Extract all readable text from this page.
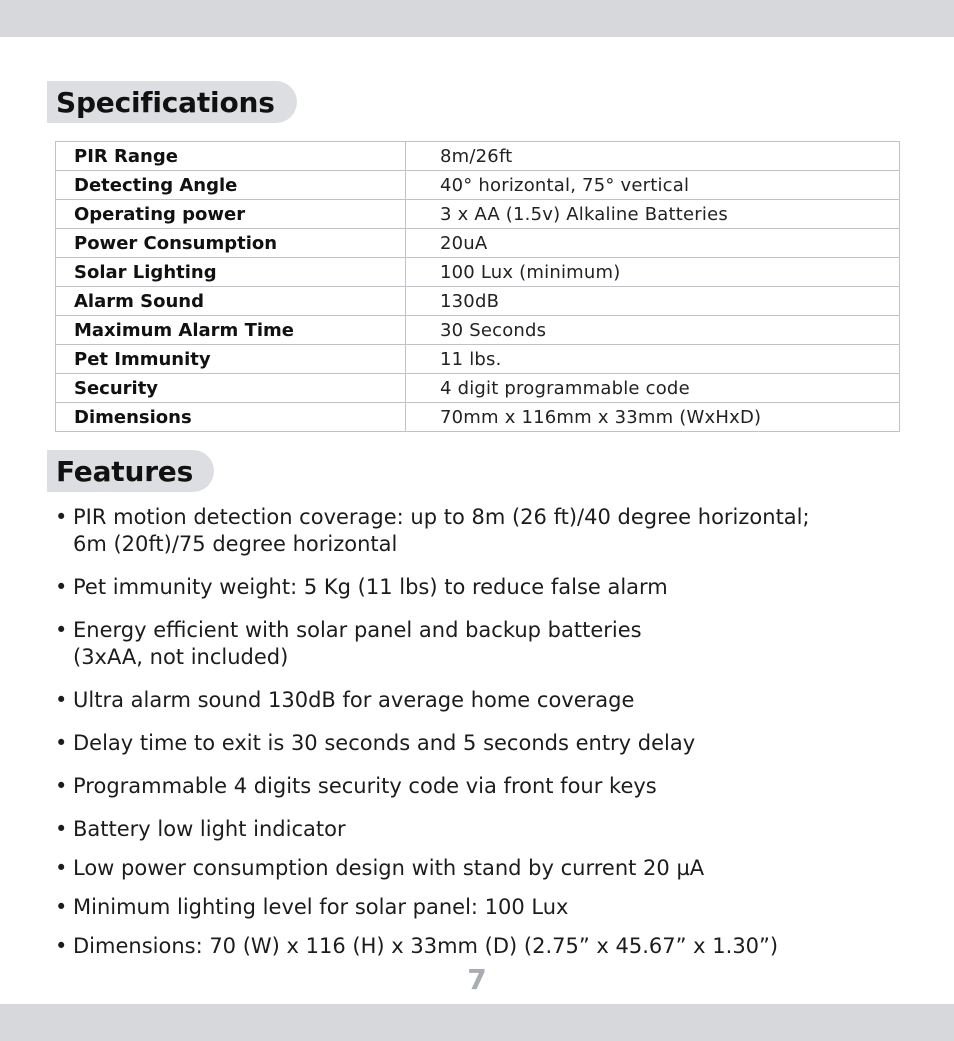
Specifications
PIR Range	8m/26ft
Detecting Angle	40° horizontal, 75° vertical
Operating power	3 x AA (1.5v) Alkaline Batteries
Power Consumption	20uA
Solar Lighting	100 Lux (minimum)
Alarm Sound	130dB
Maximum Alarm Time	30 Seconds
Pet Immunity	11 lbs.
Security	4 digit programmable code
Dimensions	70mm x 116mm x 33mm (WxHxD)
Features
• PIR motion detection coverage: up to 8m (26 ft)/40 degree horizontal;
6m (20ft)/75 degree horizontal
• Pet immunity weight: 5 Kg (11 lbs) to reduce false alarm
• Energy efficient with solar panel and backup batteries
(3xAA, not included)
• Ultra alarm sound 130dB for average home coverage
• Delay time to exit is 30 seconds and 5 seconds entry delay
• Programmable 4 digits security code via front four keys
• Battery low light indicator
• Low power consumption design with stand by current 20 µA
• Minimum lighting level for solar panel: 100 Lux
• Dimensions: 70 (W) x 116 (H) x 33mm (D) (2.75” x 45.67” x 1.30”)
7
